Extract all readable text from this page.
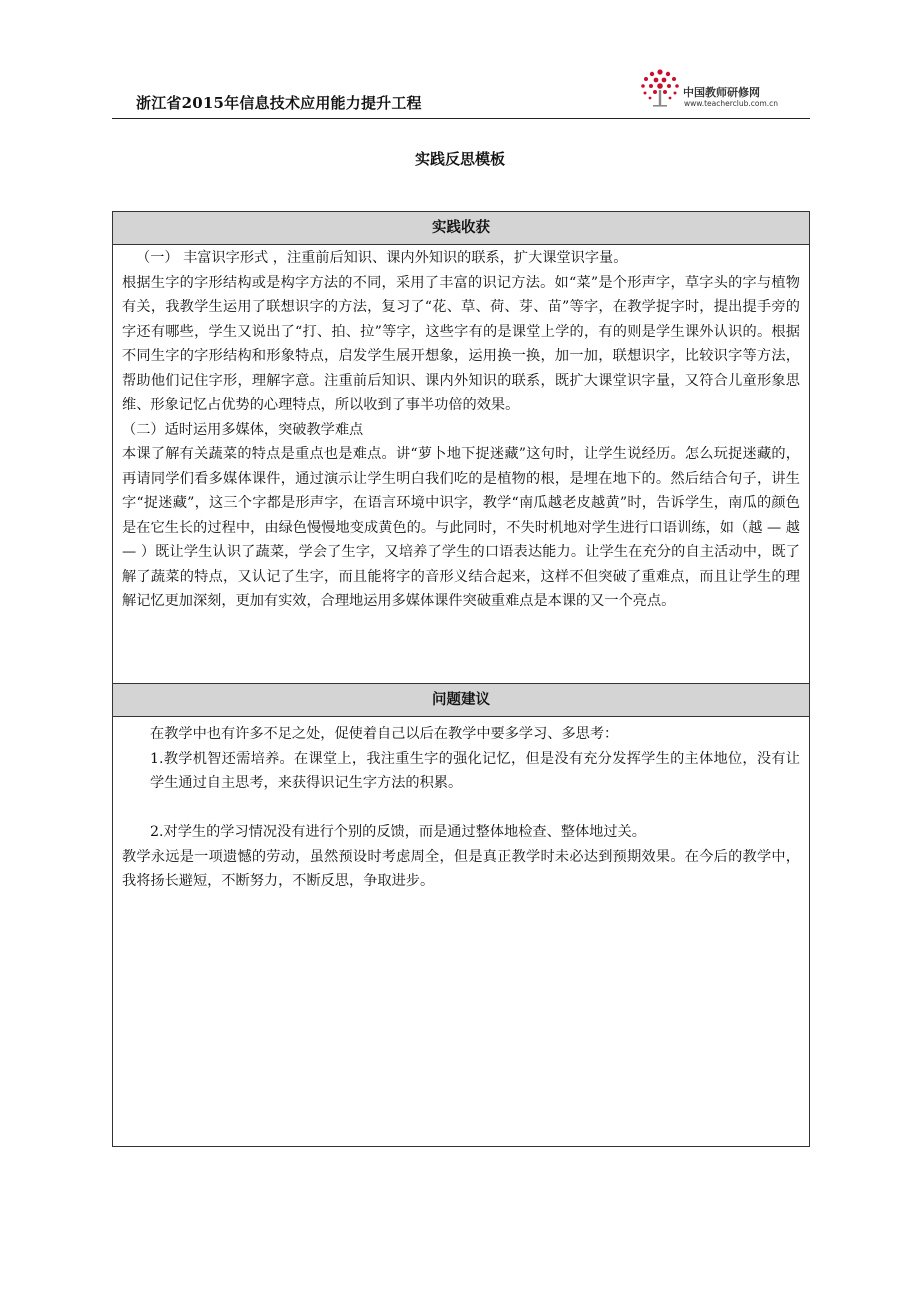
浙江省2015年信息技术应用能力提升工程
中国教师研修网
www.teacherclub.com.cn
实践反思模板
实践收获

（一） 丰富识字形式 ，注重前后知识、课内外知识的联系，扩大课堂识字量。

根据生字的字形结构或是构字方法的不同，采用了丰富的识记方法。如“菜”是个形声字，草字头的字与植物有关，我教学生运用了联想识字的方法，复习了“花、草、荷、芽、苗”等字，在教学捉字时，提出提手旁的字还有哪些，学生又说出了“打、拍、拉”等字，这些字有的是课堂上学的，有的则是学生课外认识的。根据不同生字的字形结构和形象特点，启发学生展开想象，运用换一换，加一加，联想识字，比较识字等方法，帮助他们记住字形，理解字意。注重前后知识、课内外知识的联系，既扩大课堂识字量，又符合儿童形象思维、形象记忆占优势的心理特点，所以收到了事半功倍的效果。

（二）适时运用多媒体，突破教学难点

本课了解有关蔬菜的特点是重点也是难点。讲“萝卜地下捉迷藏”这句时，让学生说经历。怎么玩捉迷藏的，再请同学们看多媒体课件，通过演示让学生明白我们吃的是植物的根，是埋在地下的。然后结合句子，讲生字“捉迷藏”，这三个字都是形声字，在语言环境中识字，教学“南瓜越老皮越黄”时，告诉学生，南瓜的颜色是在它生长的过程中，由绿色慢慢地变成黄色的。与此同时，不失时机地对学生进行口语训练，如（越 — 越 — ）既让学生认识了蔬菜，学会了生字，又培养了学生的口语表达能力。让学生在充分的自主活动中，既了解了蔬菜的特点，又认记了生字，而且能将字的音形义结合起来，这样不但突破了重难点，而且让学生的理解记忆更加深刻，更加有实效，合理地运用多媒体课件突破重难点是本课的又一个亮点。

问题建议

在教学中也有许多不足之处，促使着自己以后在教学中要多学习、多思考：

1.教学机智还需培养。在课堂上，我注重生字的强化记忆，但是没有充分发挥学生的主体地位，没有让学生通过自主思考，来获得识记生字方法的积累。

2.对学生的学习情况没有进行个别的反馈，而是通过整体地检查、整体地过关。

教学永远是一项遗憾的劳动，虽然预设时考虑周全，但是真正教学时未必达到预期效果。在今后的教学中，我将扬长避短，不断努力，不断反思，争取进步。
